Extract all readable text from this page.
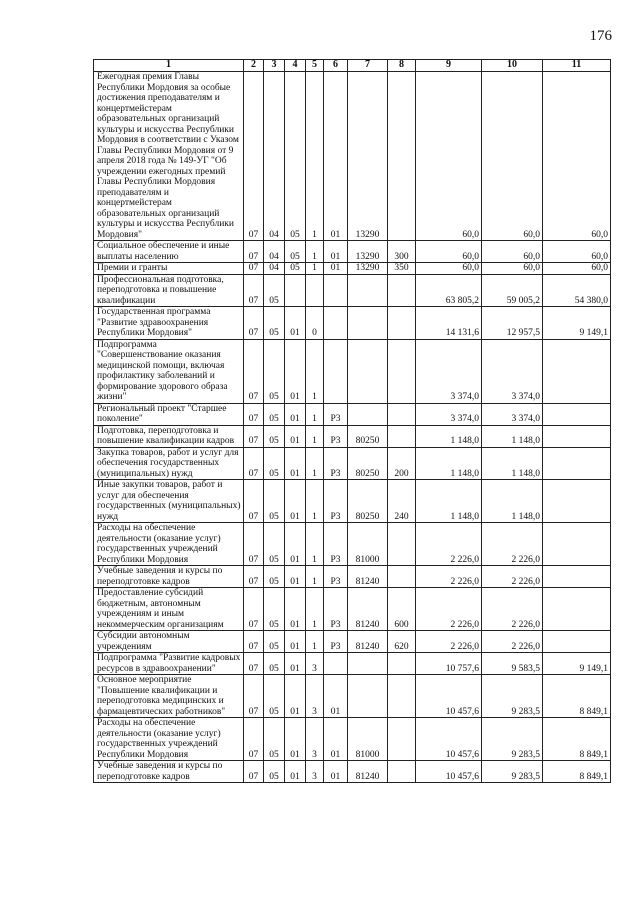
176
1	2	3	4	5	6	7	8	9	10	11
Ежегодная премия Главы Республики Мордовия за особые достижения преподавателям и концертмейстерам образовательных организаций культуры и искусства Республики Мордовия в соответствии с Указом Главы Республики Мордовия от 9 апреля 2018 года № 149-УГ "Об учреждении ежегодных премий Главы Республики Мордовия преподавателям и концертмейстерам образовательных организаций культуры и искусства Республики Мордовия"	07	04	05	1	01	13290		60,0	60,0	60,0
Социальное обеспечение и иные выплаты населению	07	04	05	1	01	13290	300	60,0	60,0	60,0
Премии и гранты	07	04	05	1	01	13290	350	60,0	60,0	60,0
Профессиональная подготовка, переподготовка и повышение квалификации	07	05						63 805,2	59 005,2	54 380,0
Государственная программа "Развитие здравоохранения Республики Мордовия"	07	05	01	0				14 131,6	12 957,5	9 149,1
Подпрограмма "Совершенствование оказания медицинской помощи, включая профилактику заболеваний и формирование здорового образа жизни"	07	05	01	1				3 374,0	3 374,0	
Региональный проект "Старшее поколение"	07	05	01	1	P3			3 374,0	3 374,0	
Подготовка, переподготовка и повышение квалификации кадров	07	05	01	1	P3	80250		1 148,0	1 148,0	
Закупка товаров, работ и услуг для обеспечения государственных (муниципальных) нужд	07	05	01	1	P3	80250	200	1 148,0	1 148,0	
Иные закупки товаров, работ и услуг для обеспечения государственных (муниципальных) нужд	07	05	01	1	P3	80250	240	1 148,0	1 148,0	
Расходы на обеспечение деятельности (оказание услуг) государственных учреждений Республики Мордовия	07	05	01	1	P3	81000		2 226,0	2 226,0	
Учебные заведения и курсы по переподготовке кадров	07	05	01	1	P3	81240		2 226,0	2 226,0	
Предоставление субсидий бюджетным, автономным учреждениям и иным некоммерческим организациям	07	05	01	1	P3	81240	600	2 226,0	2 226,0	
Субсидии автономным учреждениям	07	05	01	1	P3	81240	620	2 226,0	2 226,0	
Подпрограмма "Развитие кадровых ресурсов в здравоохранении"	07	05	01	3				10 757,6	9 583,5	9 149,1
Основное мероприятие "Повышение квалификации и переподготовка медицинских и фармацевтических работников"	07	05	01	3	01			10 457,6	9 283,5	8 849,1
Расходы на обеспечение деятельности (оказание услуг) государственных учреждений Республики Мордовия	07	05	01	3	01	81000		10 457,6	9 283,5	8 849,1
Учебные заведения и курсы по переподготовке кадров	07	05	01	3	01	81240		10 457,6	9 283,5	8 849,1
